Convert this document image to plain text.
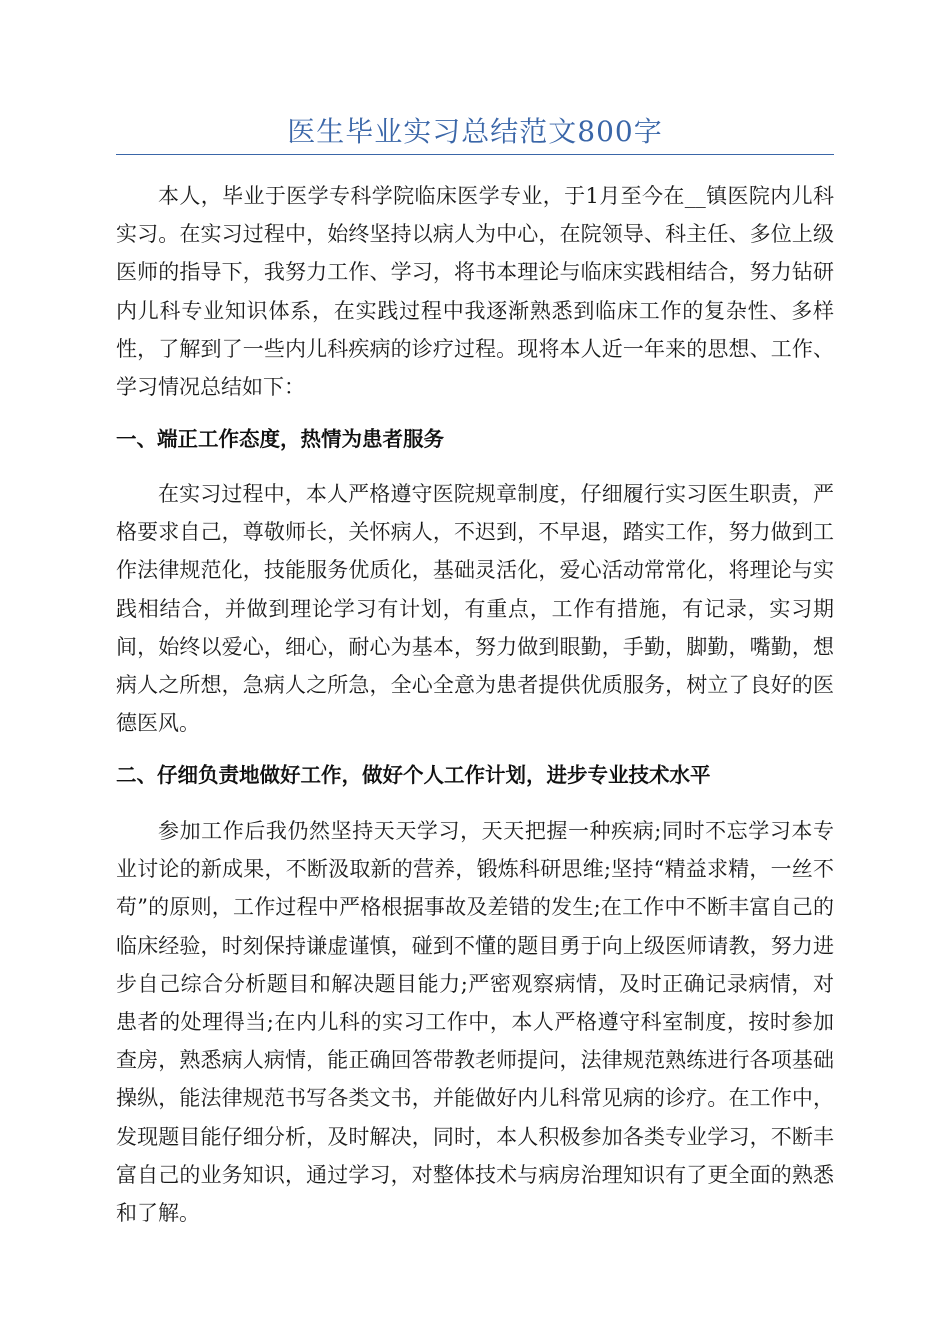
医生毕业实习总结范文800字

本人，毕业于医学专科学院临床医学专业，于1月至今在__镇医院内儿科实习。在实习过程中，始终坚持以病人为中心，在院领导、科主任、多位上级医师的指导下，我努力工作、学习，将书本理论与临床实践相结合，努力钻研内儿科专业知识体系，在实践过程中我逐渐熟悉到临床工作的复杂性、多样性，了解到了一些内儿科疾病的诊疗过程。现将本人近一年来的思想、工作、学习情况总结如下：

一、端正工作态度，热情为患者服务

在实习过程中，本人严格遵守医院规章制度，仔细履行实习医生职责，严格要求自己，尊敬师长，关怀病人，不迟到，不早退，踏实工作，努力做到工作法律规范化，技能服务优质化，基础灵活化，爱心活动常常化，将理论与实践相结合，并做到理论学习有计划，有重点，工作有措施，有记录，实习期间，始终以爱心，细心，耐心为基本，努力做到眼勤，手勤，脚勤，嘴勤，想病人之所想，急病人之所急，全心全意为患者提供优质服务，树立了良好的医德医风。

二、仔细负责地做好工作，做好个人工作计划，进步专业技术水平

参加工作后我仍然坚持天天学习，天天把握一种疾病;同时不忘学习本专业讨论的新成果，不断汲取新的营养，锻炼科研思维;坚持“精益求精，一丝不苟”的原则，工作过程中严格根据事故及差错的发生;在工作中不断丰富自己的临床经验，时刻保持谦虚谨慎，碰到不懂的题目勇于向上级医师请教，努力进步自己综合分析题目和解决题目能力;严密观察病情，及时正确记录病情，对患者的处理得当;在内儿科的实习工作中，本人严格遵守科室制度，按时参加查房，熟悉病人病情，能正确回答带教老师提问，法律规范熟练进行各项基础操纵，能法律规范书写各类文书，并能做好内儿科常见病的诊疗。在工作中，发现题目能仔细分析，及时解决，同时，本人积极参加各类专业学习，不断丰富自己的业务知识，通过学习，对整体技术与病房治理知识有了更全面的熟悉和了解。
